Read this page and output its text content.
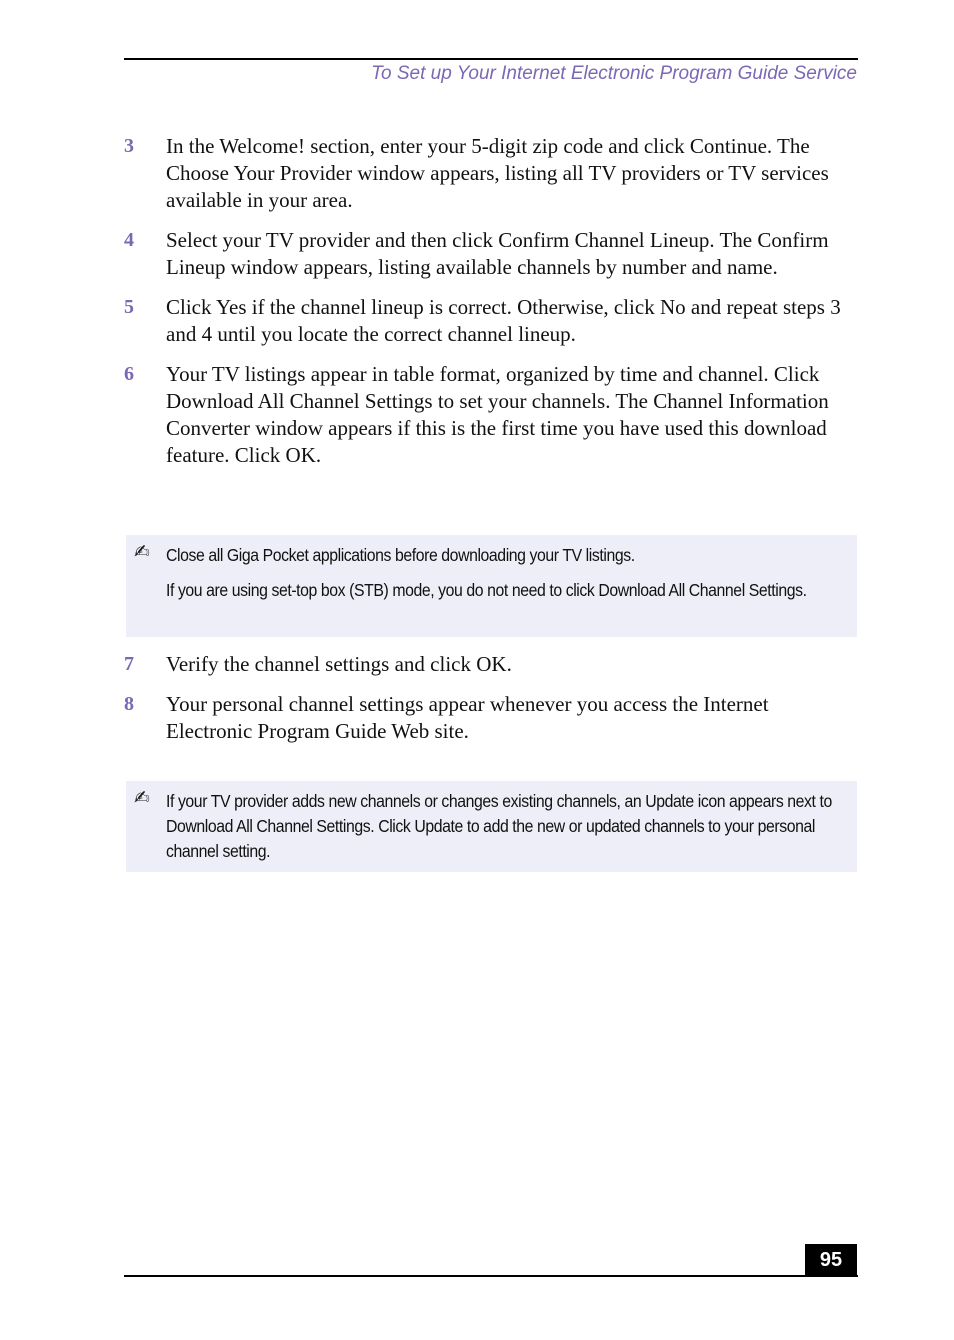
To Set up Your Internet Electronic Program Guide Service
3	In the Welcome! section, enter your 5-digit zip code and click Continue. The Choose Your Provider window appears, listing all TV providers or TV services available in your area.
4	Select your TV provider and then click Confirm Channel Lineup. The Confirm Lineup window appears, listing available channels by number and name.
5	Click Yes if the channel lineup is correct. Otherwise, click No and repeat steps 3 and 4 until you locate the correct channel lineup.
6	Your TV listings appear in table format, organized by time and channel. Click Download All Channel Settings to set your channels. The Channel Information Converter window appears if this is the first time you have used this download feature. Click OK.
✍ Close all Giga Pocket applications before downloading your TV listings.

If you are using set-top box (STB) mode, you do not need to click Download All Channel Settings.

7	Verify the channel settings and click OK.
8	Your personal channel settings appear whenever you access the Internet Electronic Program Guide Web site.
✍ If your TV provider adds new channels or changes existing channels, an Update icon appears next to Download All Channel Settings. Click Update to add the new or updated channels to your personal channel setting.

95
